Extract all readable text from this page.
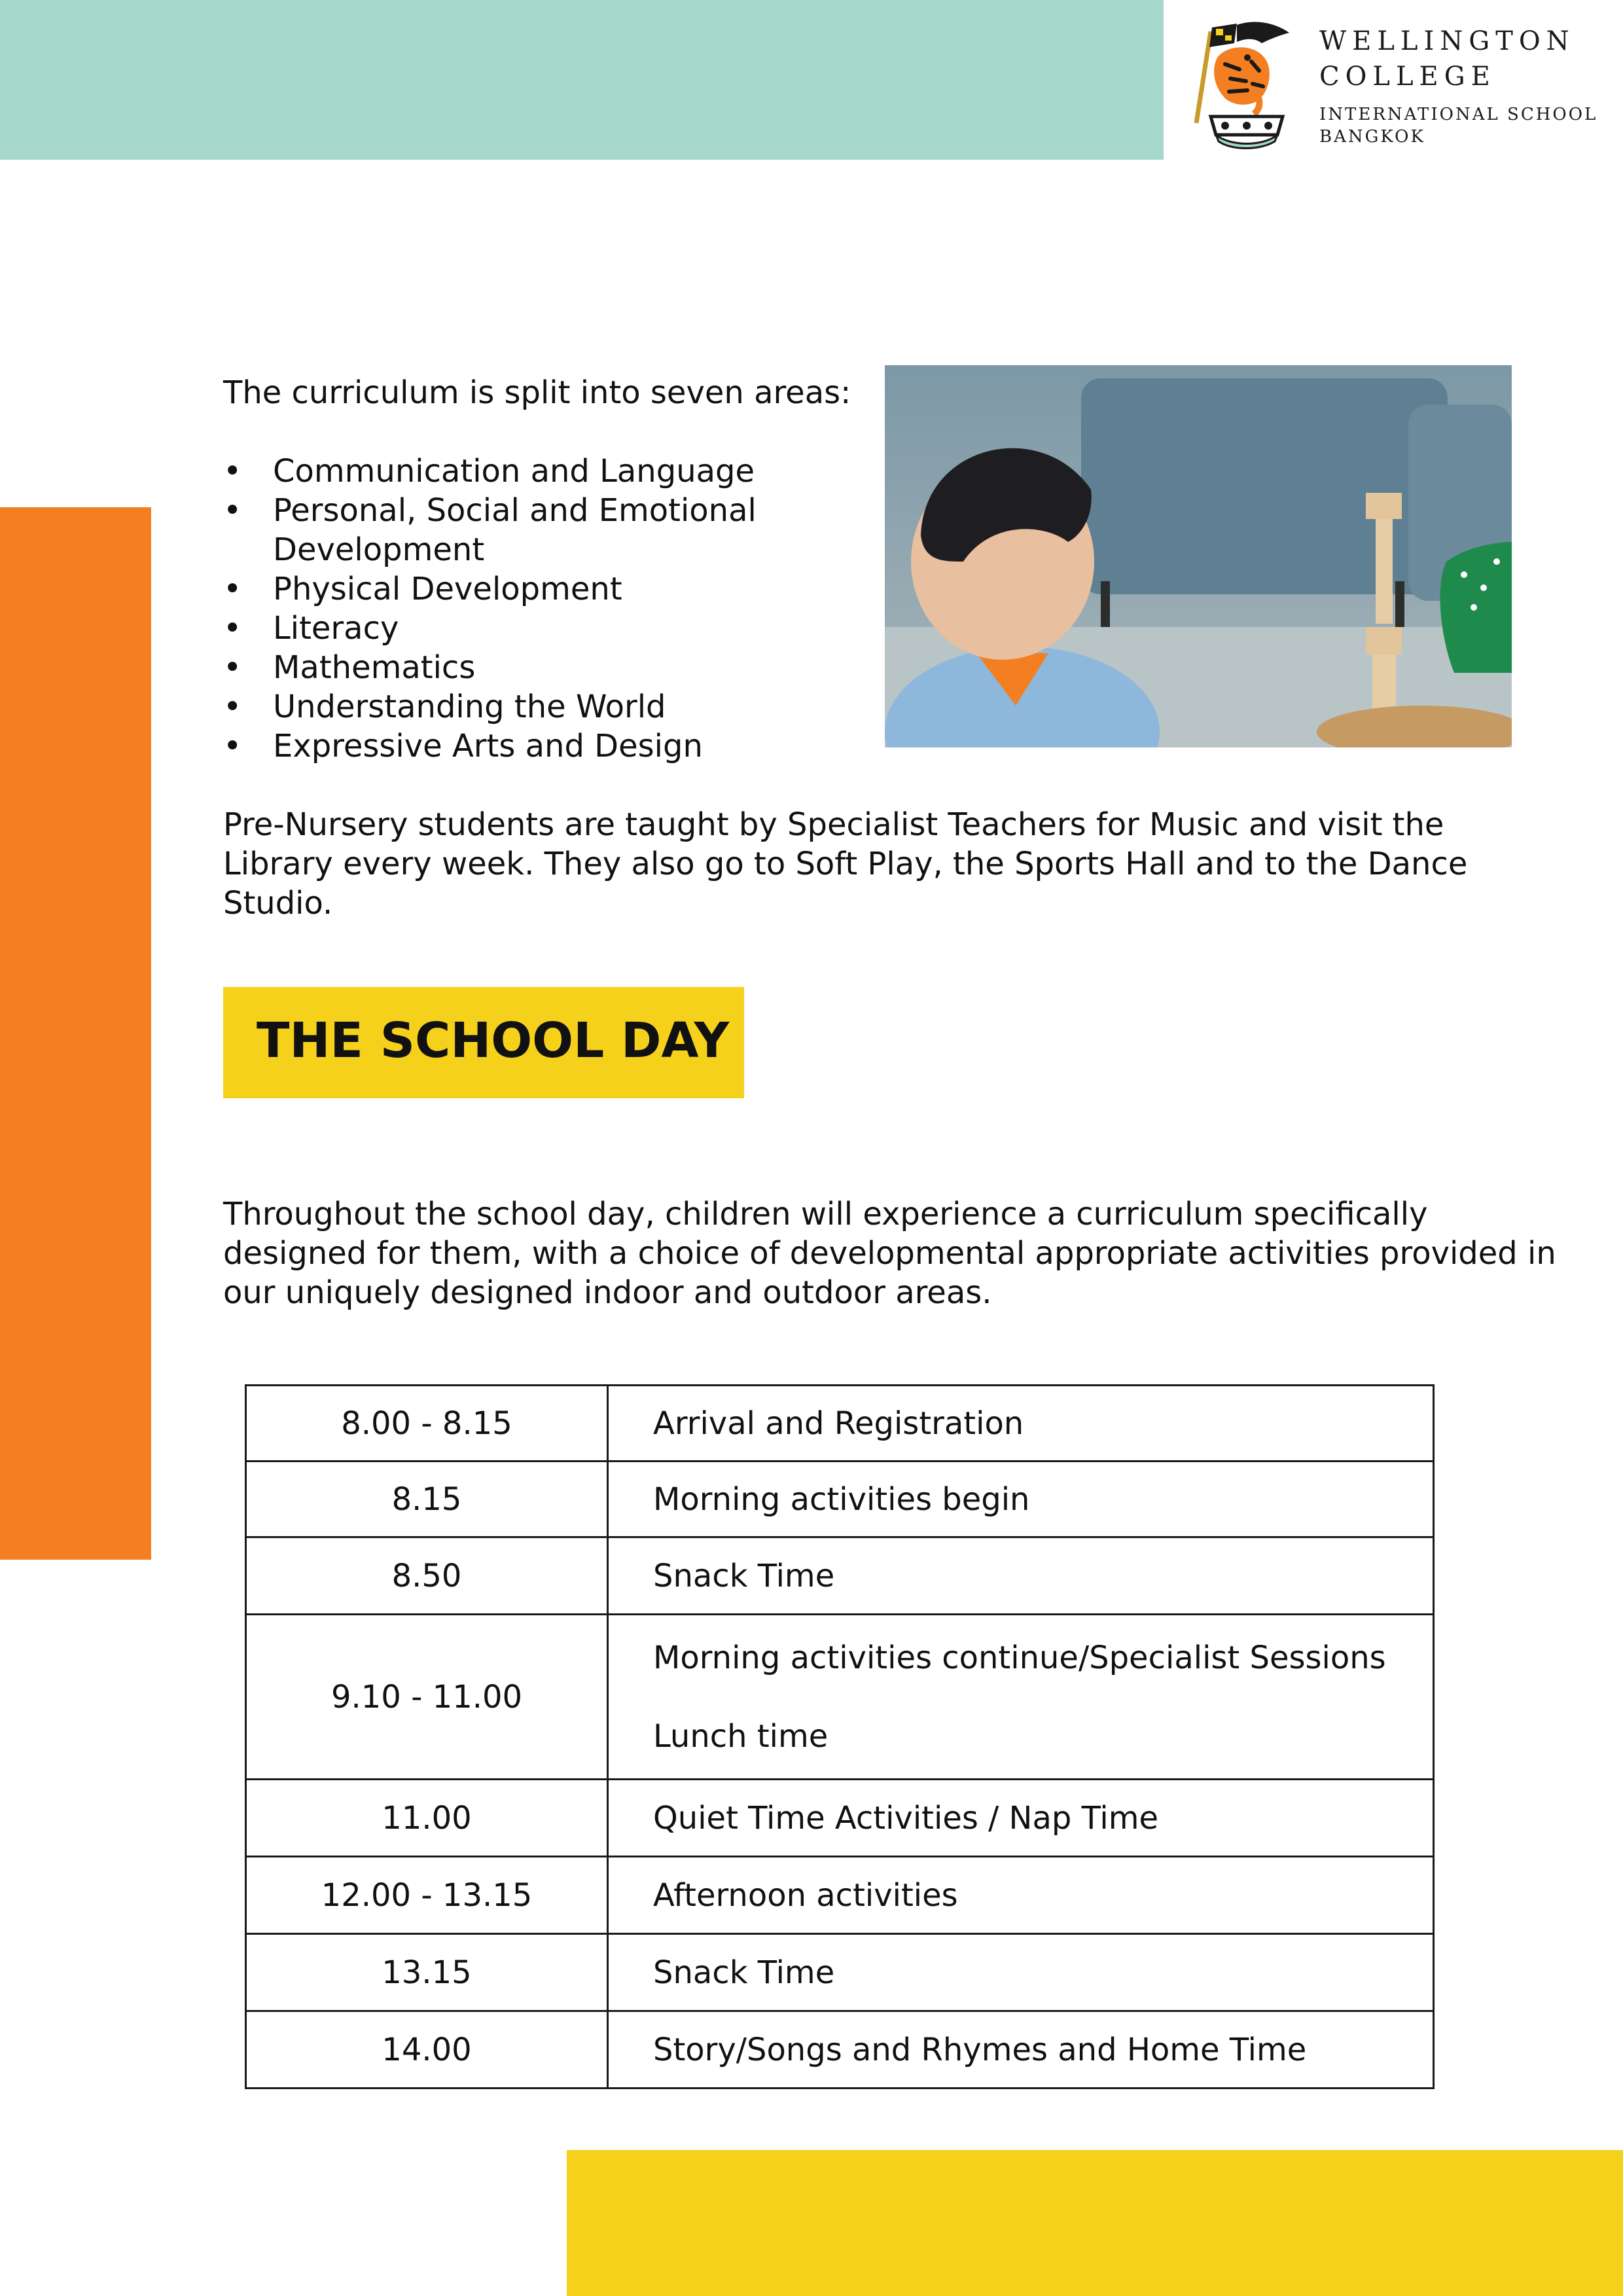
WELLINGTON
COLLEGE
INTERNATIONAL SCHOOL
BANGKOK
The curriculum is split into seven areas:
• Communication and Language
• Personal, Social and Emotional Development
• Physical Development
• Literacy
• Mathematics
• Understanding the World
• Expressive Arts and Design
Pre-Nursery students are taught by Specialist Teachers for Music and visit the Library every week. They also go to Soft Play, the Sports Hall and to the Dance Studio.
THE SCHOOL DAY
Throughout the school day, children will experience a curriculum specifically designed for them, with a choice of developmental appropriate activities provided in our uniquely designed indoor and outdoor areas.
8.00 - 8.15	Arrival and Registration
8.15	Morning activities begin
8.50	Snack Time
9.10 - 11.00	Morning activities continue/Specialist Sessions
Lunch time

11.00	Quiet Time Activities / Nap Time
12.00 - 13.15	Afternoon activities
13.15	Snack Time
14.00	Story/Songs and Rhymes and Home Time
